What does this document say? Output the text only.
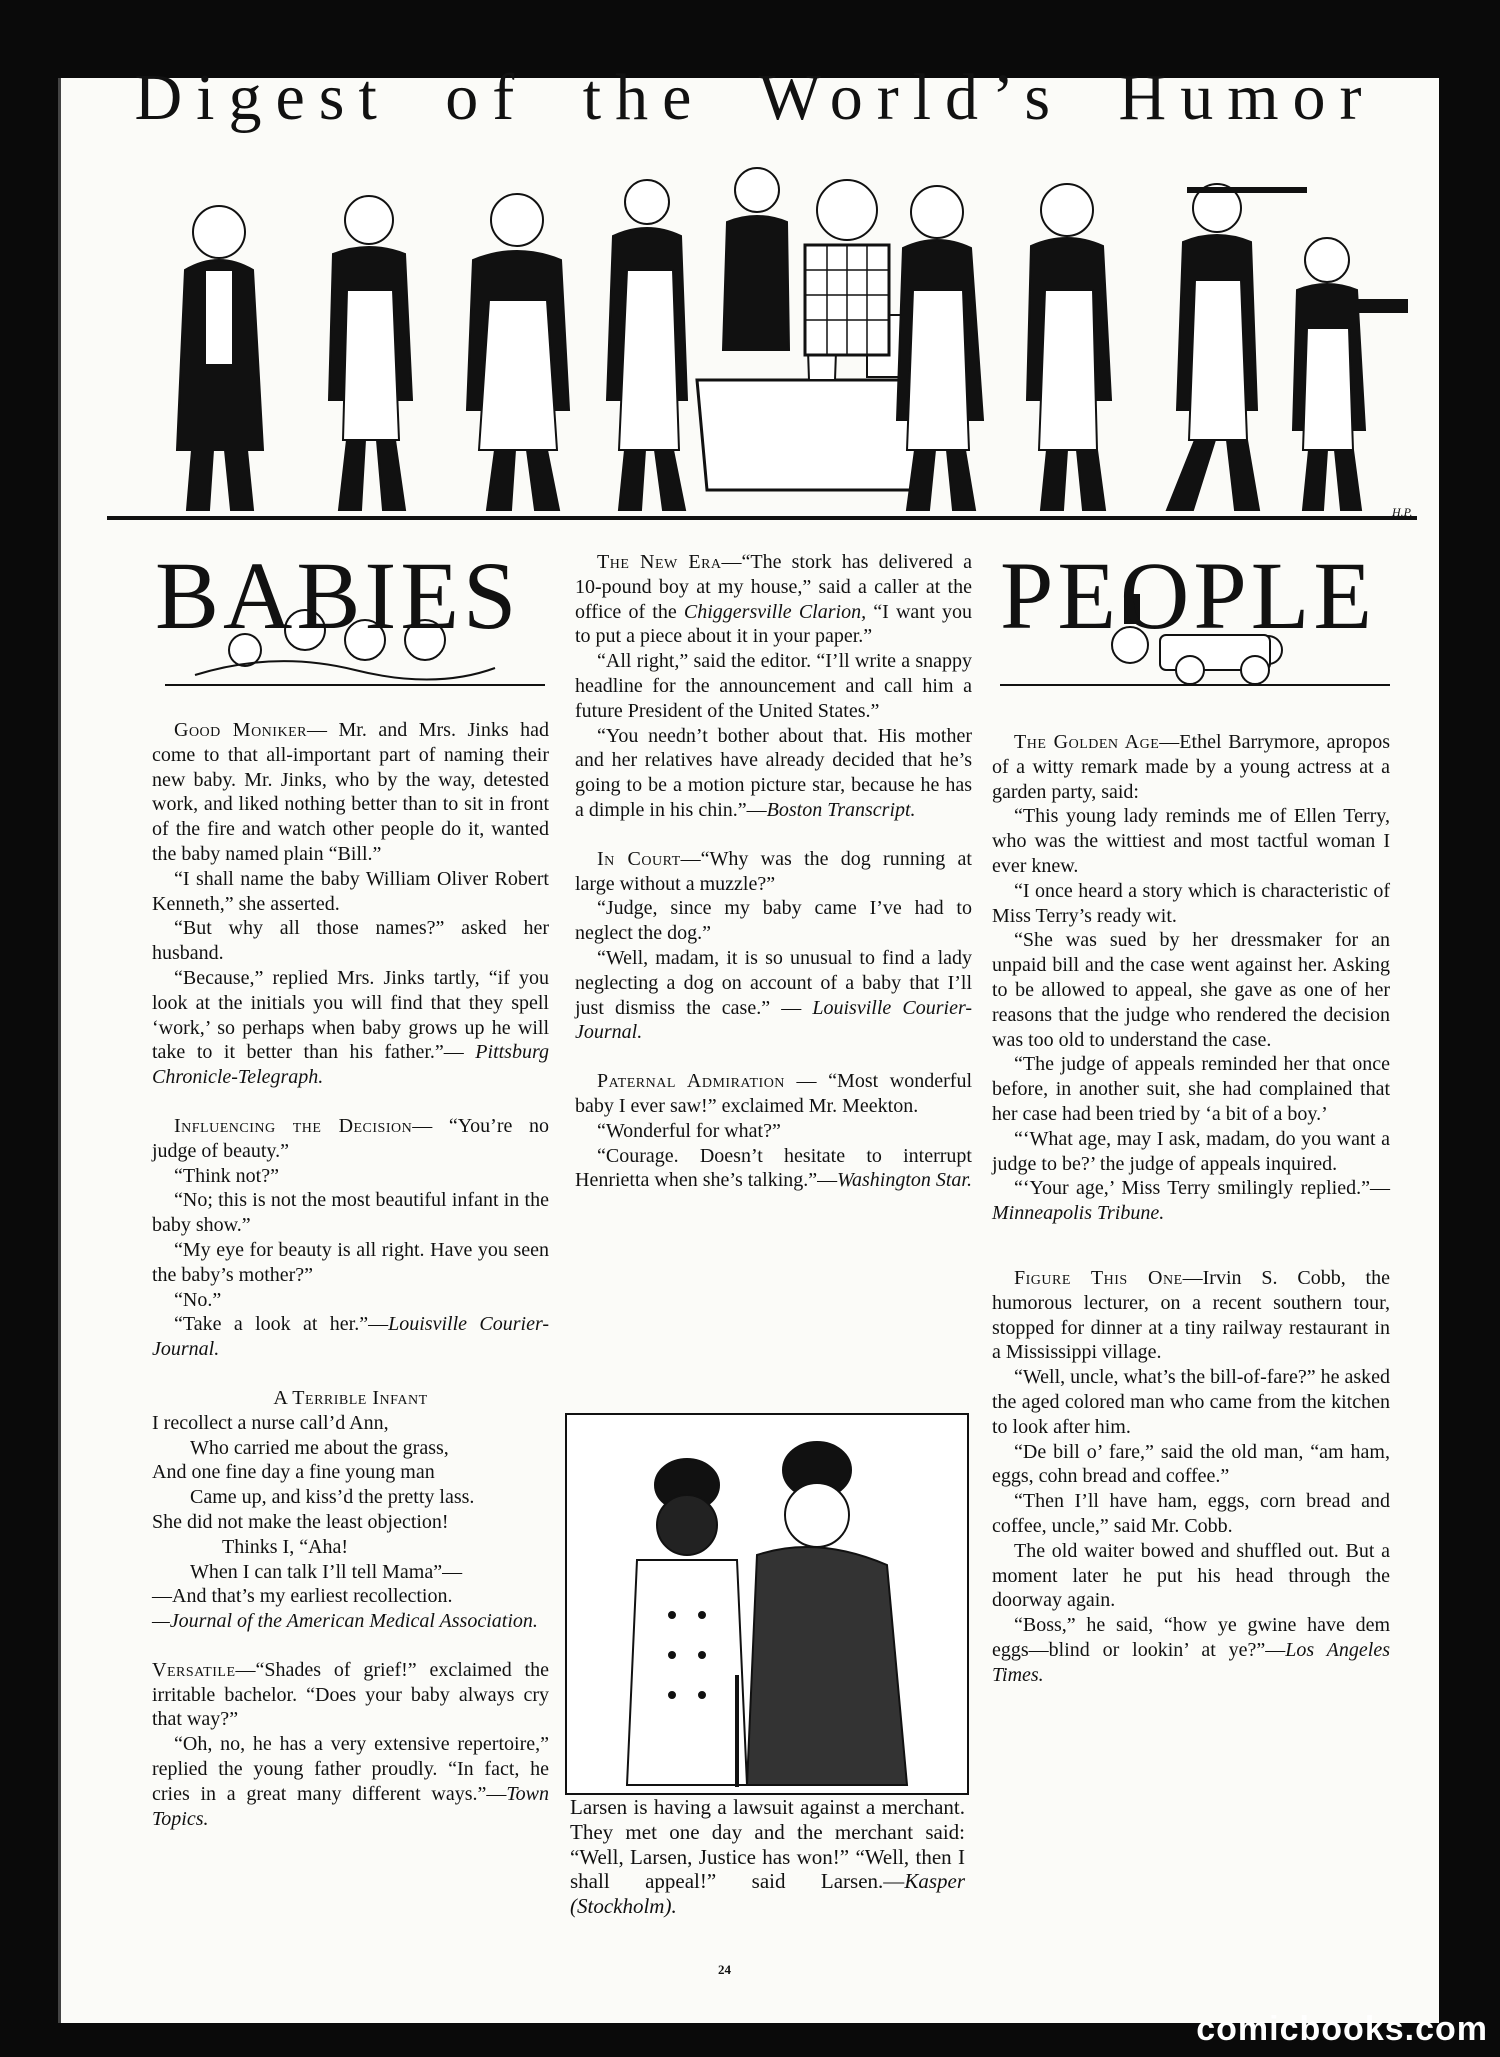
Digest of the World’s Humor
H.P.
BABIES

Good Moniker— Mr. and Mrs. Jinks had come to that all-important part of naming their new baby. Mr. Jinks, who by the way, detested work, and liked nothing better than to sit in front of the fire and watch other people do it, wanted the baby named plain “Bill.”

“I shall name the baby William Oliver Robert Kenneth,” she asserted.

“But why all those names?” asked her husband.

“Because,” replied Mrs. Jinks tartly, “if you look at the initials you will find that they spell ‘work,’ so perhaps when baby grows up he will take to it better than his father.”— Pittsburg Chronicle-Telegraph.

Influencing the Decision— “You’re no judge of beauty.”

“Think not?”

“No; this is not the most beautiful infant in the baby show.”

“My eye for beauty is all right. Have you seen the baby’s mother?”

“No.”

“Take a look at her.”—Louisville Courier-Journal.

A Terrible Infant
I recollect a nurse call’d Ann,
Who carried me about the grass,
And one fine day a fine young man
Came up, and kiss’d the pretty lass.
She did not make the least objection!
Thinks I, “Aha!
When I can talk I’ll tell Mama”—
—And that’s my earliest recollection.
—Journal of the American Medical Association.

Versatile—“Shades of grief!” exclaimed the irritable bachelor. “Does your baby always cry that way?”

“Oh, no, he has a very extensive repertoire,” replied the young father proudly. “In fact, he cries in a great many different ways.”—Town Topics.

The New Era—“The stork has delivered a 10-pound boy at my house,” said a caller at the office of the Chiggersville Clarion, “I want you to put a piece about it in your paper.”

“All right,” said the editor. “I’ll write a snappy headline for the announcement and call him a future President of the United States.”

“You needn’t bother about that. His mother and her relatives have already decided that he’s going to be a motion picture star, because he has a dimple in his chin.”—Boston Transcript.

In Court—“Why was the dog running at large without a muzzle?”

“Judge, since my baby came I’ve had to neglect the dog.”

“Well, madam, it is so unusual to find a lady neglecting a dog on account of a baby that I’ll just dismiss the case.” — Louisville Courier-Journal.

Paternal Admiration — “Most wonderful baby I ever saw!” exclaimed Mr. Meekton.

“Wonderful for what?”

“Courage. Doesn’t hesitate to interrupt Henrietta when she’s talking.”—Washington Star.

Larsen is having a lawsuit against a merchant. They met one day and the merchant said: “Well, Larsen, Justice has won!” “Well, then I shall appeal!” said Larsen.—Kasper (Stockholm).

PEOPLE

The Golden Age—Ethel Barrymore, apropos of a witty remark made by a young actress at a garden party, said:

“This young lady reminds me of Ellen Terry, who was the wittiest and most tactful woman I ever knew.

“I once heard a story which is characteristic of Miss Terry’s ready wit.

“She was sued by her dressmaker for an unpaid bill and the case went against her. Asking to be allowed to appeal, she gave as one of her reasons that the judge who rendered the decision was too old to understand the case.

“The judge of appeals reminded her that once before, in another suit, she had complained that her case had been tried by ‘a bit of a boy.’

“‘What age, may I ask, madam, do you want a judge to be?’ the judge of appeals inquired.

“‘Your age,’ Miss Terry smilingly replied.”—Minneapolis Tribune.

Figure This One—Irvin S. Cobb, the humorous lecturer, on a recent southern tour, stopped for dinner at a tiny railway restaurant in a Mississippi village.

“Well, uncle, what’s the bill-of-fare?” he asked the aged colored man who came from the kitchen to look after him.

“De bill o’ fare,” said the old man, “am ham, eggs, cohn bread and coffee.”

“Then I’ll have ham, eggs, corn bread and coffee, uncle,” said Mr. Cobb.

The old waiter bowed and shuffled out. But a moment later he put his head through the doorway again.

“Boss,” he said, “how ye gwine have dem eggs—blind or lookin’ at ye?”—Los Angeles Times.

24
comicbooks.com
